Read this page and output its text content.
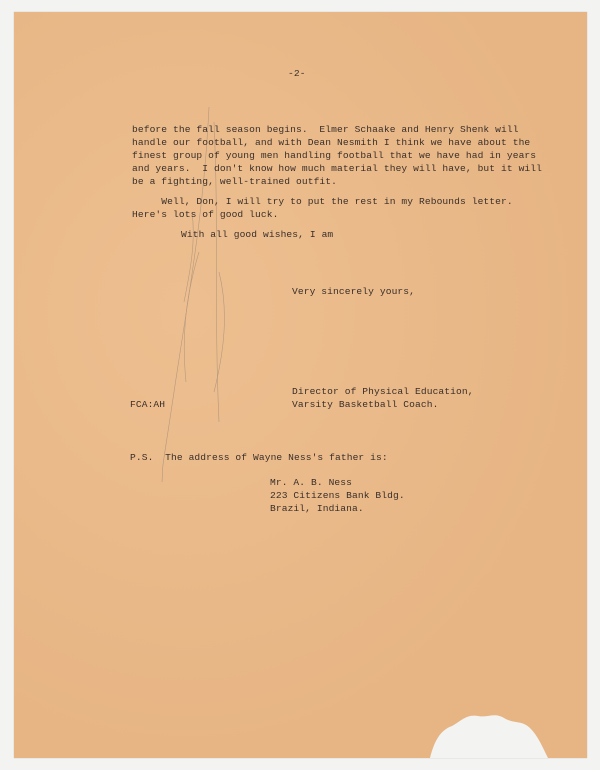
-2-
before the fall season begins.  Elmer Schaake and Henry Shenk will
handle our football, and with Dean Nesmith I think we have about the
finest group of young men handling football that we have had in years
and years.  I don't know how much material they will have, but it will
be a fighting, well-trained outfit.
Well, Don, I will try to put the rest in my Rebounds letter.
Here's lots of good luck.
With all good wishes, I am
Very sincerely yours,
Director of Physical Education,
Varsity Basketball Coach.
FCA:AH
P.S.  The address of Wayne Ness's father is:
Mr. A. B. Ness
223 Citizens Bank Bldg.
Brazil, Indiana.
